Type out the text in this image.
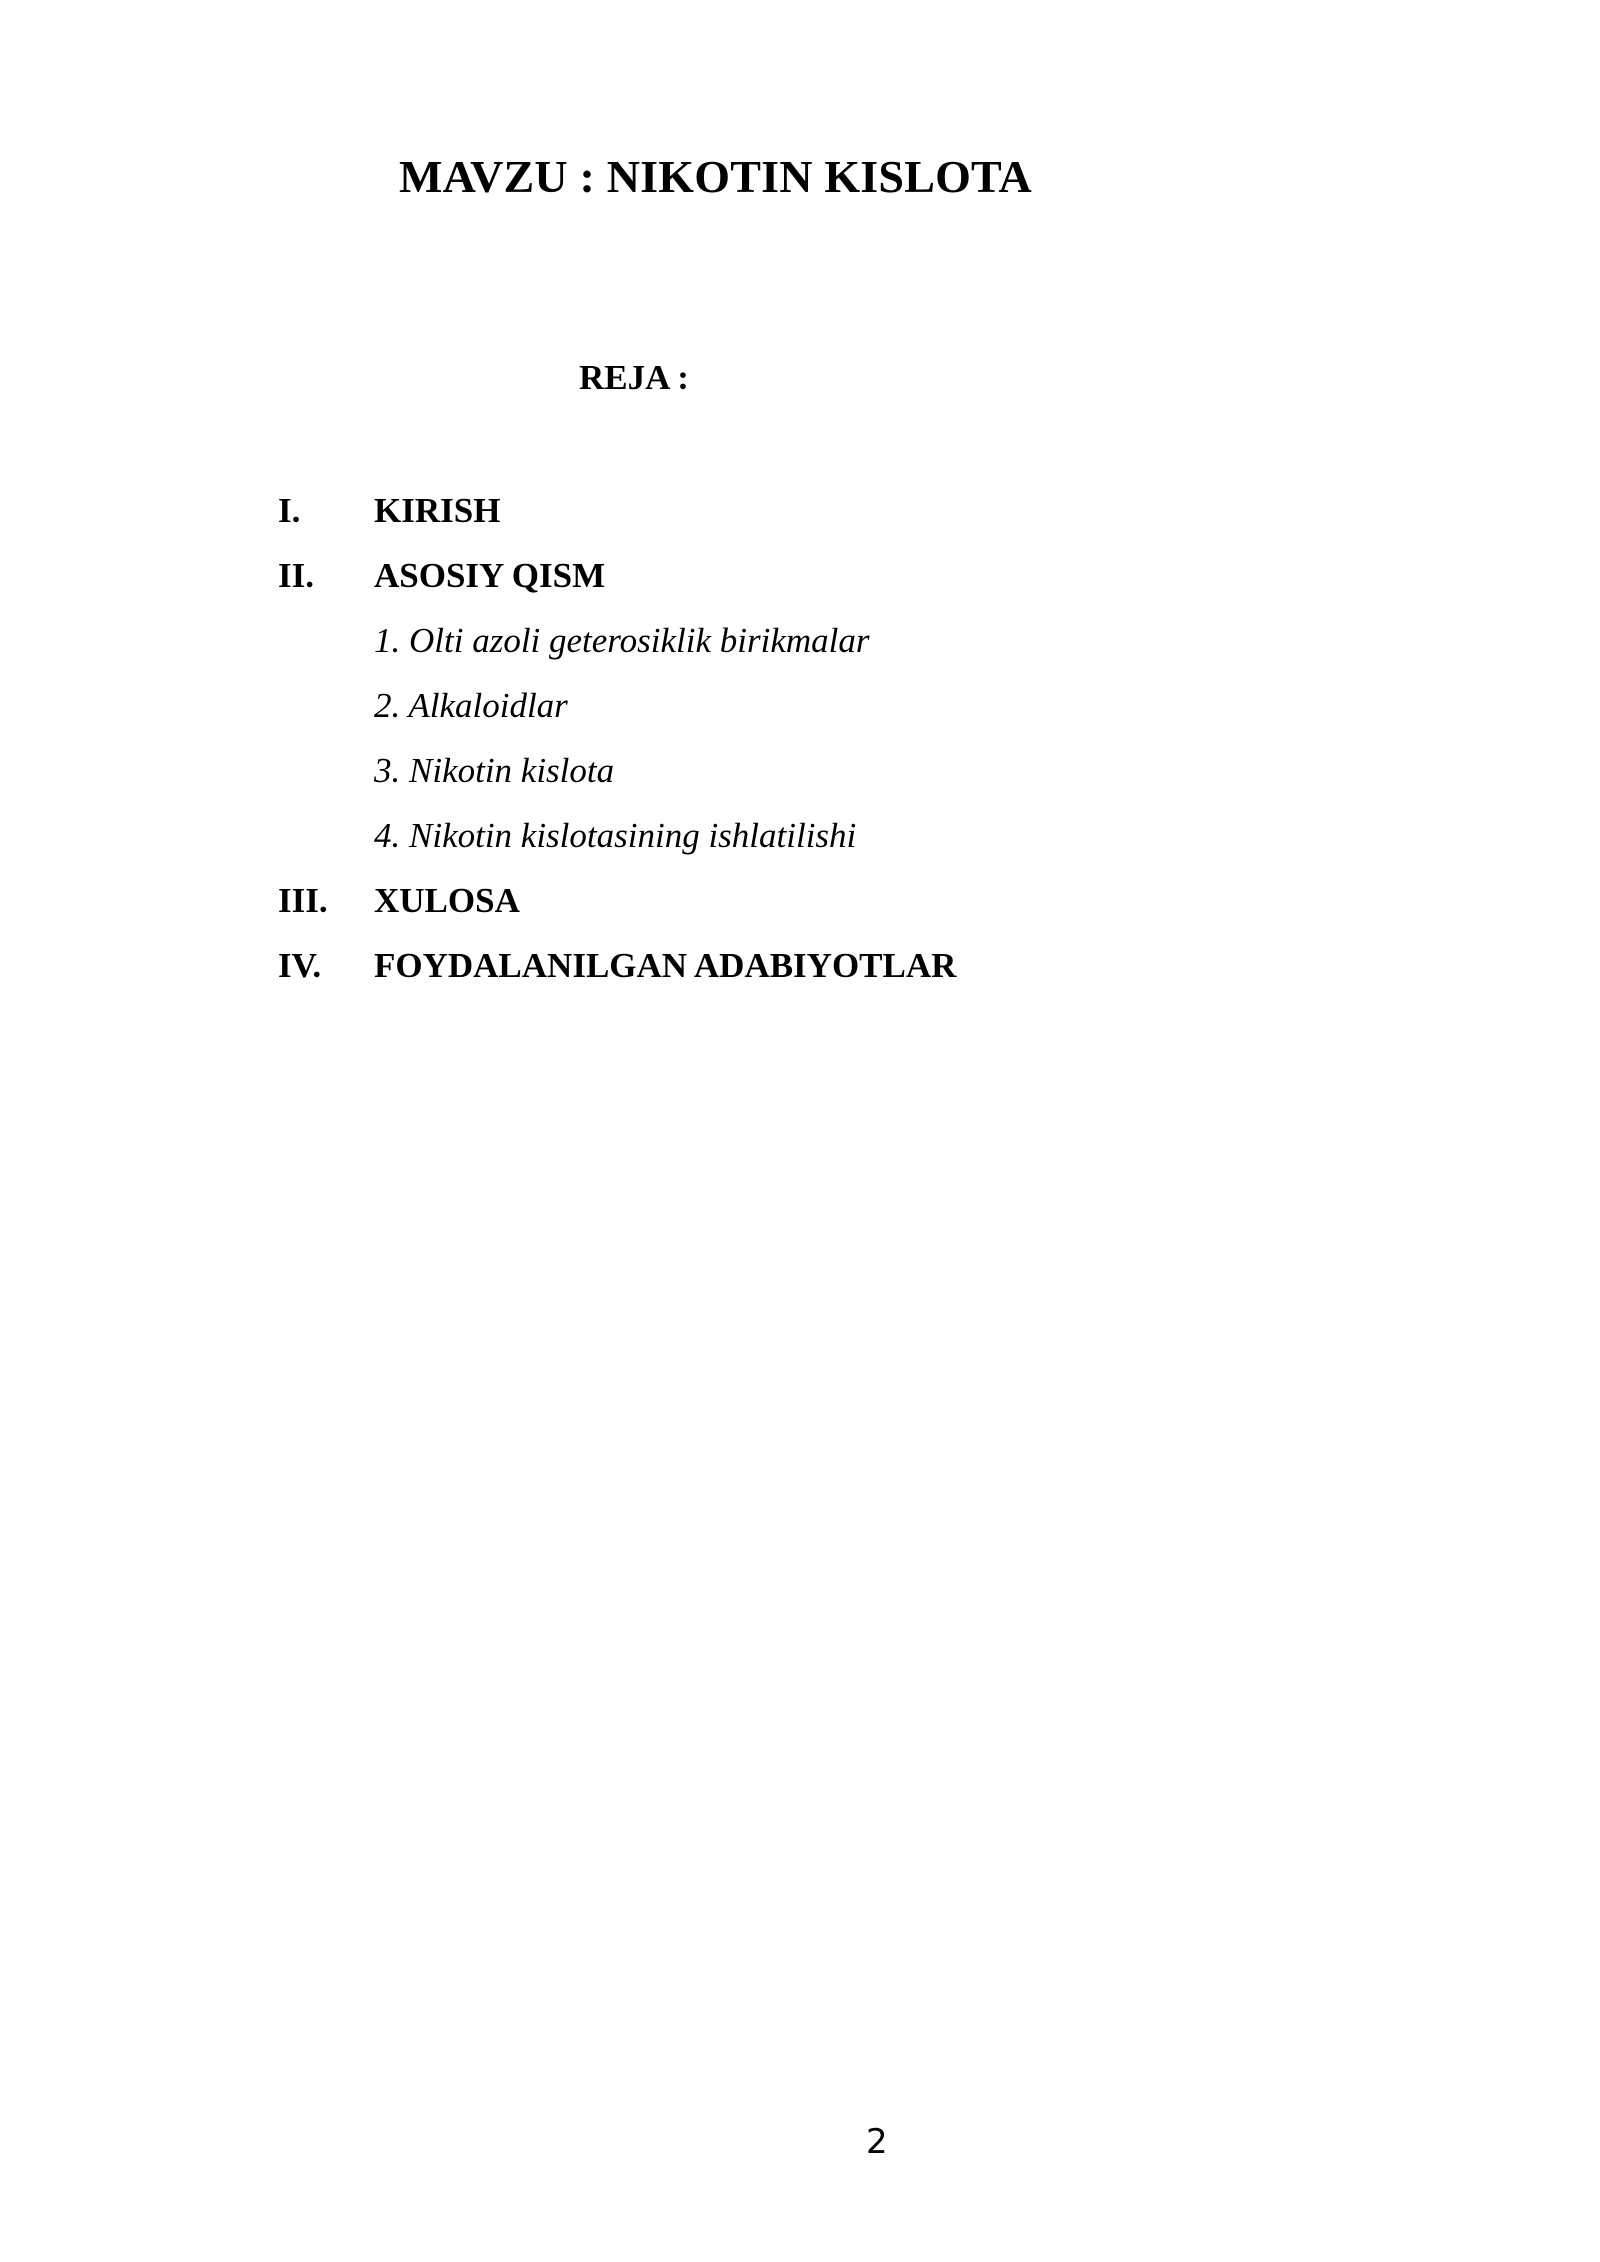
MAVZU : NIKOTIN KISLOTA
REJA :
I. KIRISH
II. ASOSIY QISM
1. Olti azoli geterosiklik birikmalar
2. Alkaloidlar
3. Nikotin kislota
4. Nikotin kislotasining ishlatilishi
III. XULOSA
IV. FOYDALANILGAN ADABIYOTLAR
2
